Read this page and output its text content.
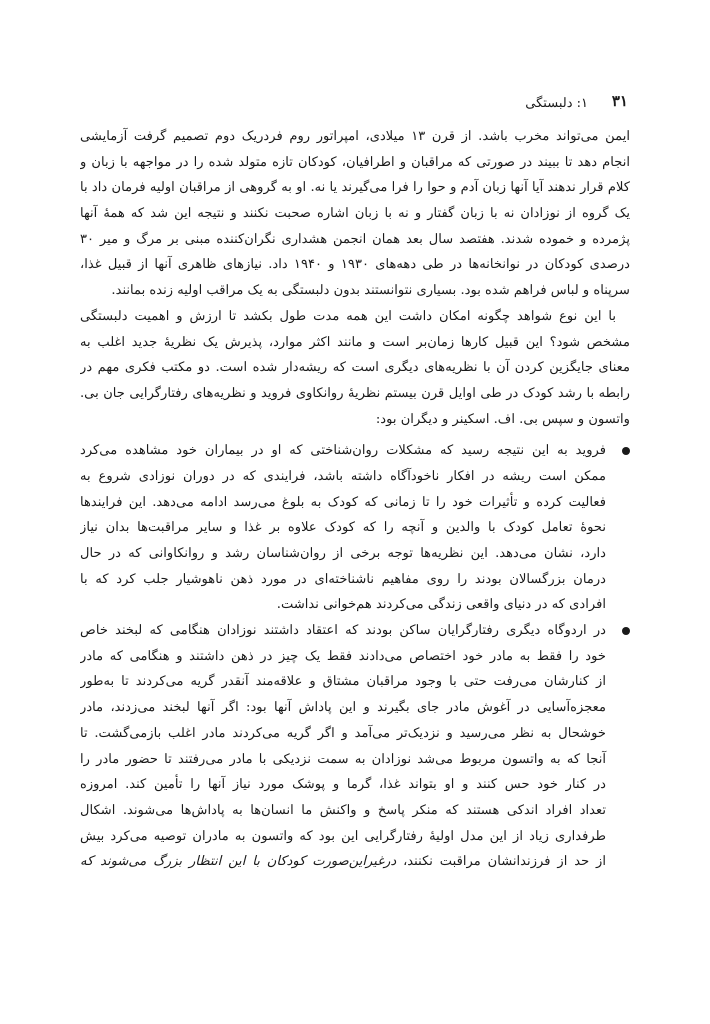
۳۱
۱: دلبستگی
ایمن می‌تواند مخرب باشد. از قرن ۱۳ میلادی، امپراتور روم فردریک دوم تصمیم گرفت آزمایشی
انجام دهد تا ببیند در صورتی که مراقبان و اطرافیان، کودکان تازه متولد شده را در مواجهه با زبان و
کلام قرار ندهند آیا آنها زبان آدم و حوا را فرا می‌گیرند یا نه. او به گروهی از مراقبان اولیه فرمان داد با
یک گروه از نوزادان نه با زبان گفتار و نه با زبان اشاره صحبت نکنند و نتیجه این شد که همهٔ آنها
پژمرده و خموده شدند. هفتصد سال بعد همان انجمن هشداری نگران‌کننده مبنی بر مرگ و میر ۳۰
درصدی کودکان در نوانخانه‌ها در طی دهه‌های ۱۹۳۰ و ۱۹۴۰ داد. نیازهای ظاهری آنها از قبیل غذا،
سرپناه و لباس فراهم شده بود. بسیاری نتوانستند بدون دلبستگی به یک مراقب اولیه زنده بمانند.
با این نوع شواهد چگونه امکان داشت این همه مدت طول بکشد تا ارزش و اهمیت دلبستگی
مشخص شود؟ این قبیل کارها زمان‌بر است و مانند اکثر موارد، پذیرش یک نظریهٔ جدید اغلب به
معنای جایگزین کردن آن با نظریه‌های دیگری است که ریشه‌دار شده است. دو مکتب فکری مهم در
رابطه با رشد کودک در طی اوایل قرن بیستم نظریهٔ روانکاوی فروید و نظریه‌های رفتارگرایی جان بی.
واتسون و سپس بی. اف. اسکینر و دیگران بود:
فروید به این نتیجه رسید که مشکلات روان‌شناختی که او در بیماران خود مشاهده می‌کرد
ممکن است ریشه در افکار ناخودآگاه داشته باشد، فرایندی که در دوران نوزادی شروع به
فعالیت کرده و تأثیرات خود را تا زمانی که کودک به بلوغ می‌رسد ادامه می‌دهد. این فرایندها
نحوهٔ تعامل کودک با والدین و آنچه را که کودک علاوه بر غذا و سایر مراقبت‌ها بدان نیاز
دارد، نشان می‌دهد. این نظریه‌ها توجه برخی از روان‌شناسان رشد و روانکاوانی که در حال
درمان بزرگسالان بودند را روی مفاهیم ناشناخته‌ای در مورد ذهن ناهوشیار جلب کرد که با
افرادی که در دنیای واقعی زندگی می‌کردند هم‌خوانی نداشت.
در اردوگاه دیگری رفتارگرایان ساکن بودند که اعتقاد داشتند نوزادان هنگامی که لبخند خاص
خود را فقط به مادر خود اختصاص می‌دادند فقط یک چیز در ذهن داشتند و هنگامی که مادر
از کنارشان می‌رفت حتی با وجود مراقبان مشتاق و علاقه‌مند آنقدر گریه می‌کردند تا به‌طور
معجزه‌آسایی در آغوش مادر جای بگیرند و این پاداش آنها بود: اگر آنها لبخند می‌زدند، مادر
خوشحال به نظر می‌رسید و نزدیک‌تر می‌آمد و اگر گریه می‌کردند مادر اغلب بازمی‌گشت. تا
آنجا که به واتسون مربوط می‌شد نوزادان به سمت نزدیکی با مادر می‌رفتند تا حضور مادر را
در کنار خود حس کنند و او بتواند غذا، گرما و پوشک مورد نیاز آنها را تأمین کند. امروزه
تعداد افراد اندکی هستند که منکر پاسخ و واکنش ما انسان‌ها به پاداش‌ها می‌شوند. اشکال
طرفداری زیاد از این مدل اولیهٔ رفتارگرایی این بود که واتسون به مادران توصیه می‌کرد بیش
از حد از فرزندانشان مراقبت نکنند، درغیراین‌صورت کودکان با این انتظار بزرگ می‌شوند که
